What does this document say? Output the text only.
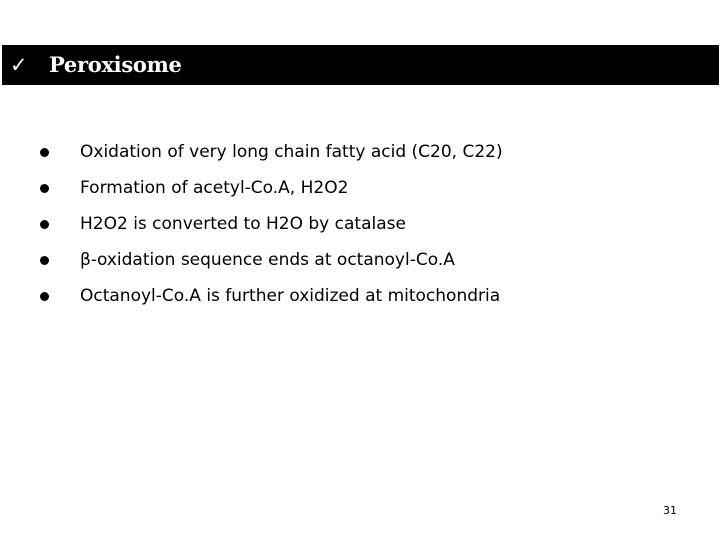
✓ Peroxisome
Oxidation of very long chain fatty acid (C20, C22)
Formation of acetyl-Co.A, H2O2
H2O2 is converted to H2O by catalase
β-oxidation sequence ends at octanoyl-Co.A
Octanoyl-Co.A is further oxidized at mitochondria
31
